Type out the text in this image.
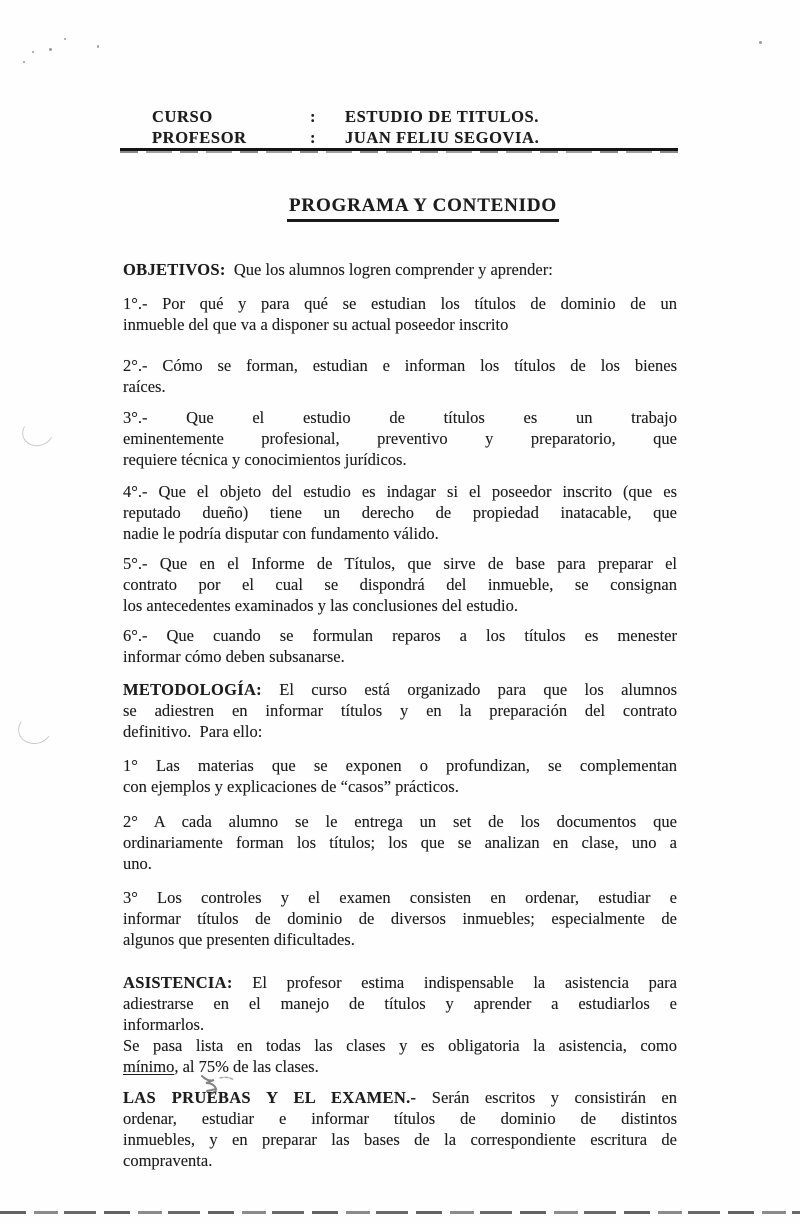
CURSO	:	ESTUDIO DE TITULOS.
PROFESOR	:	JUAN FELIU SEGOVIA.
PROGRAMA Y CONTENIDO
OBJETIVOS:  Que los alumnos logren comprender y aprender:
1°.- Por qué y para qué se estudian los títulos de dominio de un
inmueble del que va a disponer su actual poseedor inscrito
2°.- Cómo se forman, estudian e informan los títulos de los bienes
raíces.
3°.- Que el estudio de títulos es un trabajo
eminentemente profesional, preventivo y preparatorio, que
requiere técnica y conocimientos jurídicos.
4°.- Que el objeto del estudio es indagar si el poseedor inscrito (que es
reputado dueño) tiene un derecho de propiedad inatacable, que
nadie le podría disputar con fundamento válido.
5°.- Que en el Informe de Títulos, que sirve de base para preparar el
contrato por el cual se dispondrá del inmueble, se consignan
los antecedentes examinados y las conclusiones del estudio.
6°.- Que cuando se formulan reparos a los títulos es menester
informar cómo deben subsanarse.
METODOLOGÍA: El curso está organizado para que los alumnos
se adiestren en informar títulos y en la preparación del contrato
definitivo.  Para ello:
1° Las materias que se exponen o profundizan, se complementan
con ejemplos y explicaciones de “casos” prácticos.
2° A cada alumno se le entrega un set de los documentos que
ordinariamente forman los títulos; los que se analizan en clase, uno a
uno.
3° Los controles y el examen consisten en ordenar, estudiar e
informar títulos de dominio de diversos inmuebles; especialmente de
algunos que presenten dificultades.
ASISTENCIA: El profesor estima indispensable la asistencia para
adiestrarse en el manejo de títulos y aprender a estudiarlos e
informarlos.
Se pasa lista en todas las clases y es obligatoria la asistencia, como
mínimo, al 75% de las clases.
LAS PRUEBAS Y EL EXAMEN.- Serán escritos y consistirán en
ordenar, estudiar e informar títulos de dominio de distintos
inmuebles, y en preparar las bases de la correspondiente escritura de
compraventa.
